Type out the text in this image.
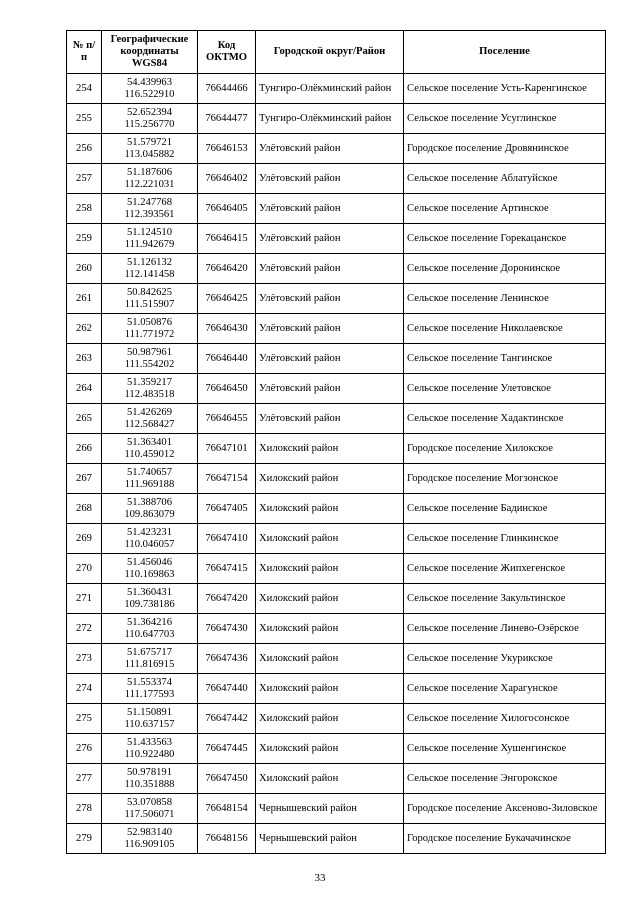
№ п/п	Географические координаты WGS84	Код ОКТМО	Городской округ/Район	Поселение
254	54.439963
116.522910	76644466	Тунгиро-Олёкминский район	Сельское поселение Усть-Каренгинское
255	52.652394
115.256770	76644477	Тунгиро-Олёкминский район	Сельское поселение Усуглинское
256	51.579721
113.045882	76646153	Улётовский район	Городское поселение Дровянинское
257	51.187606
112.221031	76646402	Улётовский район	Сельское поселение Аблатуйское
258	51.247768
112.393561	76646405	Улётовский район	Сельское поселение Артинское
259	51.124510
111.942679	76646415	Улётовский район	Сельское поселение Горекацанское
260	51.126132
112.141458	76646420	Улётовский район	Сельское поселение Доронинское
261	50.842625
111.515907	76646425	Улётовский район	Сельское поселение Ленинское
262	51.050876
111.771972	76646430	Улётовский район	Сельское поселение Николаевское
263	50.987961
111.554202	76646440	Улётовский район	Сельское поселение Тангинское
264	51.359217
112.483518	76646450	Улётовский район	Сельское поселение Улетовское
265	51.426269
112.568427	76646455	Улётовский район	Сельское поселение Хадактинское
266	51.363401
110.459012	76647101	Хилокский район	Городское поселение Хилокское
267	51.740657
111.969188	76647154	Хилокский район	Городское поселение Могзонское
268	51.388706
109.863079	76647405	Хилокский район	Сельское поселение Бадинское
269	51.423231
110.046057	76647410	Хилокский район	Сельское поселение Глинкинское
270	51.456046
110.169863	76647415	Хилокский район	Сельское поселение Жипхегенское
271	51.360431
109.738186	76647420	Хилокский район	Сельское поселение Закультинское
272	51.364216
110.647703	76647430	Хилокский район	Сельское поселение Линево-Озёрское
273	51.675717
111.816915	76647436	Хилокский район	Сельское поселение Укурикское
274	51.553374
111.177593	76647440	Хилокский район	Сельское поселение Харагунское
275	51.150891
110.637157	76647442	Хилокский район	Сельское поселение Хилогосонское
276	51.433563
110.922480	76647445	Хилокский район	Сельское поселение Хушенгинское
277	50.978191
110.351888	76647450	Хилокский район	Сельское поселение Энгорокское
278	53.070858
117.506071	76648154	Чернышевский район	Городское поселение Аксеново-Зиловское
279	52.983140
116.909105	76648156	Чернышевский район	Городское поселение Букачачинское
33
